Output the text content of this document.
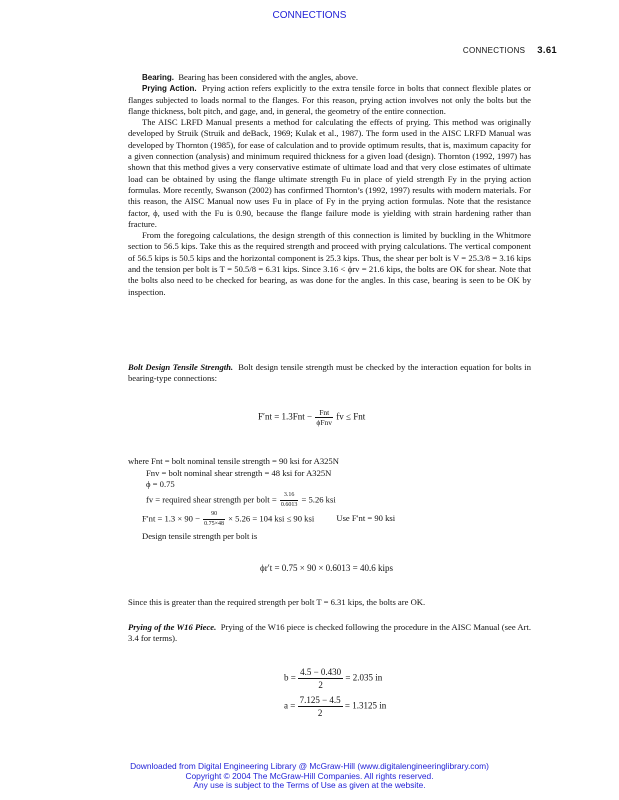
CONNECTIONS
CONNECTIONS 3.61

Bearing. Bearing has been considered with the angles, above.

Prying Action. Prying action refers explicitly to the extra tensile force in bolts that connect flexible plates or flanges subjected to loads normal to the flanges. For this reason, prying action involves not only the bolts but the flange thickness, bolt pitch, and gage, and, in general, the geometry of the entire connection.

The AISC LRFD Manual presents a method for calculating the effects of prying. This method was originally developed by Struik (Struik and deBack, 1969; Kulak et al., 1987). The form used in the AISC LRFD Manual was developed by Thornton (1985), for ease of calculation and to provide optimum results, that is, maximum capacity for a given connection (analysis) and minimum required thickness for a given load (design). Thornton (1992, 1997) has shown that this method gives a very conservative estimate of ultimate load and that very close estimates of ultimate load can be obtained by using the flange ultimate strength Fu in place of yield strength Fy in the prying action formulas. More recently, Swanson (2002) has confirmed Thornton’s (1992, 1997) results with modern materials. For this reason, the AISC Manual now uses Fu in place of Fy in the prying action formulas. Note that the resistance factor, ϕ, used with the Fu is 0.90, because the flange failure mode is yielding with strain hardening rather than fracture.

From the foregoing calculations, the design strength of this connection is limited by buckling in the Whitmore section to 56.5 kips. Take this as the required strength and proceed with prying calculations. The vertical component of 56.5 kips is 50.5 kips and the horizontal component is 25.3 kips. Thus, the shear per bolt is V = 25.3/8 = 3.16 kips and the tension per bolt is T = 50.5/8 = 6.31 kips. Since 3.16 < ϕrv = 21.6 kips, the bolts are OK for shear. Note that the bolts also need to be checked for bearing, as was done for the angles. In this case, bearing is seen to be OK by inspection.

Bolt Design Tensile Strength. Bolt design tensile strength must be checked by the interaction equation for bolts in bearing-type connections:

$F'nt = 1.3Fnt - \frac{\text{Fnt}}{\text{ϕFnv}}$ fv ≤ Fnt
where Fnt = bolt nominal tensile strength = 90 ksi for A325N
Fnv = bolt nominal shear strength = 48 ksi for A325N
ϕ = 0.75
fv = required shear strength per bolt = $\frac{3.16}{0.6013} = 5.26$ ksi
$F'nt = 1.3 \times 90 - \frac{90}{0.75\times 48} \times 5.26 = 104$ ksi ≤ 90 ksi	Use F′nt = 90 ksi
Design tensile strength per bolt is
ϕr′t = 0.75 × 90 × 0.6013 = 40.6 kips
Since this is greater than the required strength per bolt T = 6.31 kips, the bolts are OK.

Prying of the W16 Piece. Prying of the W16 piece is checked following the procedure in the AISC Manual (see Art. 3.4 for terms).

$b = \frac{4.5 - 0.430}{2} = 2.035$ in
$a = \frac{7.125 - 4.5}{2} = 1.3125$ in
Downloaded from Digital Engineering Library @ McGraw-Hill (www.digitalengineeringlibrary.com)
Copyright © 2004 The McGraw-Hill Companies. All rights reserved.
Any use is subject to the Terms of Use as given at the website.
